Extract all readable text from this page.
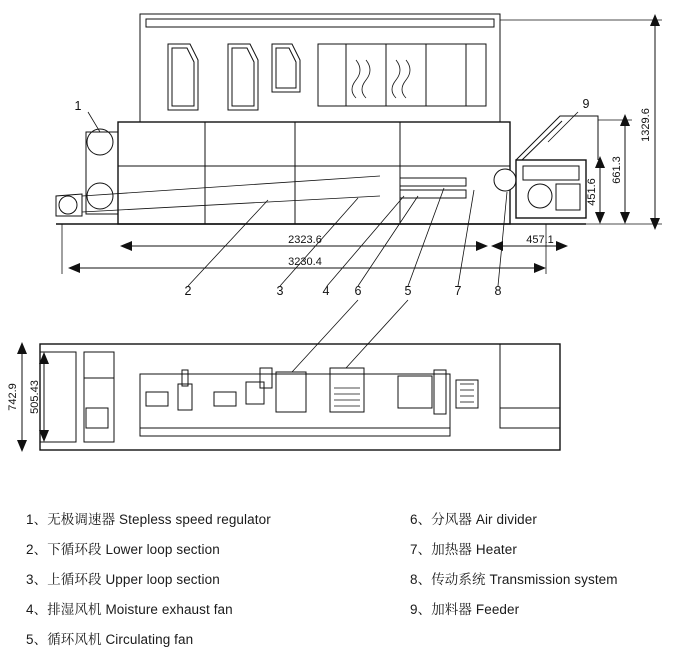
1329.6
661.3
451.6
2323.6
3230.4
457.1
1
2	3	4 6	5	7	8
9
742.9 505.43
1、无极调速器 Stepless speed regulator
2、下循环段 Lower loop section
3、上循环段 Upper loop section
4、排湿风机 Moisture exhaust fan
5、循环风机 Circulating fan
6、分风器 Air divider
7、加热器 Heater
8、传动系统 Transmission system
9、加料器 Feeder
